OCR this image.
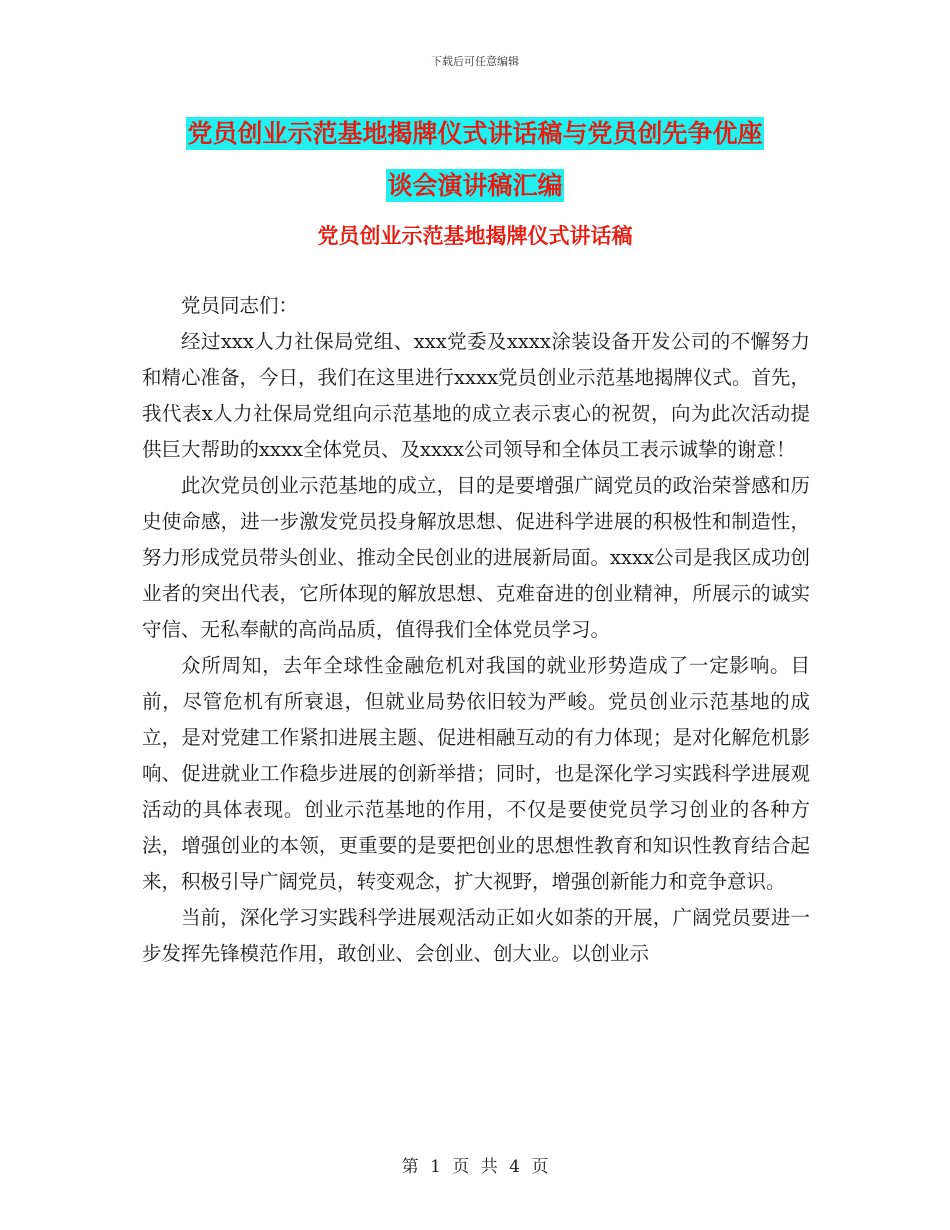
下载后可任意编辑
党员创业示范基地揭牌仪式讲话稿与党员创先争优座
谈会演讲稿汇编
党员创业示范基地揭牌仪式讲话稿

党员同志们：

经过xxx人力社保局党组、xxx党委及xxxx涂装设备开发公司的不懈努力和精心准备，今日，我们在这里进行xxxx党员创业示范基地揭牌仪式。首先，我代表x人力社保局党组向示范基地的成立表示衷心的祝贺，向为此次活动提供巨大帮助的xxxx全体党员、及xxxx公司领导和全体员工表示诚挚的谢意！

此次党员创业示范基地的成立，目的是要增强广阔党员的政治荣誉感和历史使命感，进一步激发党员投身解放思想、促进科学进展的积极性和制造性，努力形成党员带头创业、推动全民创业的进展新局面。xxxx公司是我区成功创业者的突出代表，它所体现的解放思想、克难奋进的创业精神，所展示的诚实守信、无私奉献的高尚品质，值得我们全体党员学习。

众所周知，去年全球性金融危机对我国的就业形势造成了一定影响。目前，尽管危机有所衰退，但就业局势依旧较为严峻。党员创业示范基地的成立，是对党建工作紧扣进展主题、促进相融互动的有力体现；是对化解危机影响、促进就业工作稳步进展的创新举措；同时，也是深化学习实践科学进展观活动的具体表现。创业示范基地的作用，不仅是要使党员学习创业的各种方法，增强创业的本领，更重要的是要把创业的思想性教育和知识性教育结合起来，积极引导广阔党员，转变观念，扩大视野，增强创新能力和竞争意识。

当前，深化学习实践科学进展观活动正如火如荼的开展，广阔党员要进一步发挥先锋模范作用，敢创业、会创业、创大业。以创业示

第 1 页 共 4 页
